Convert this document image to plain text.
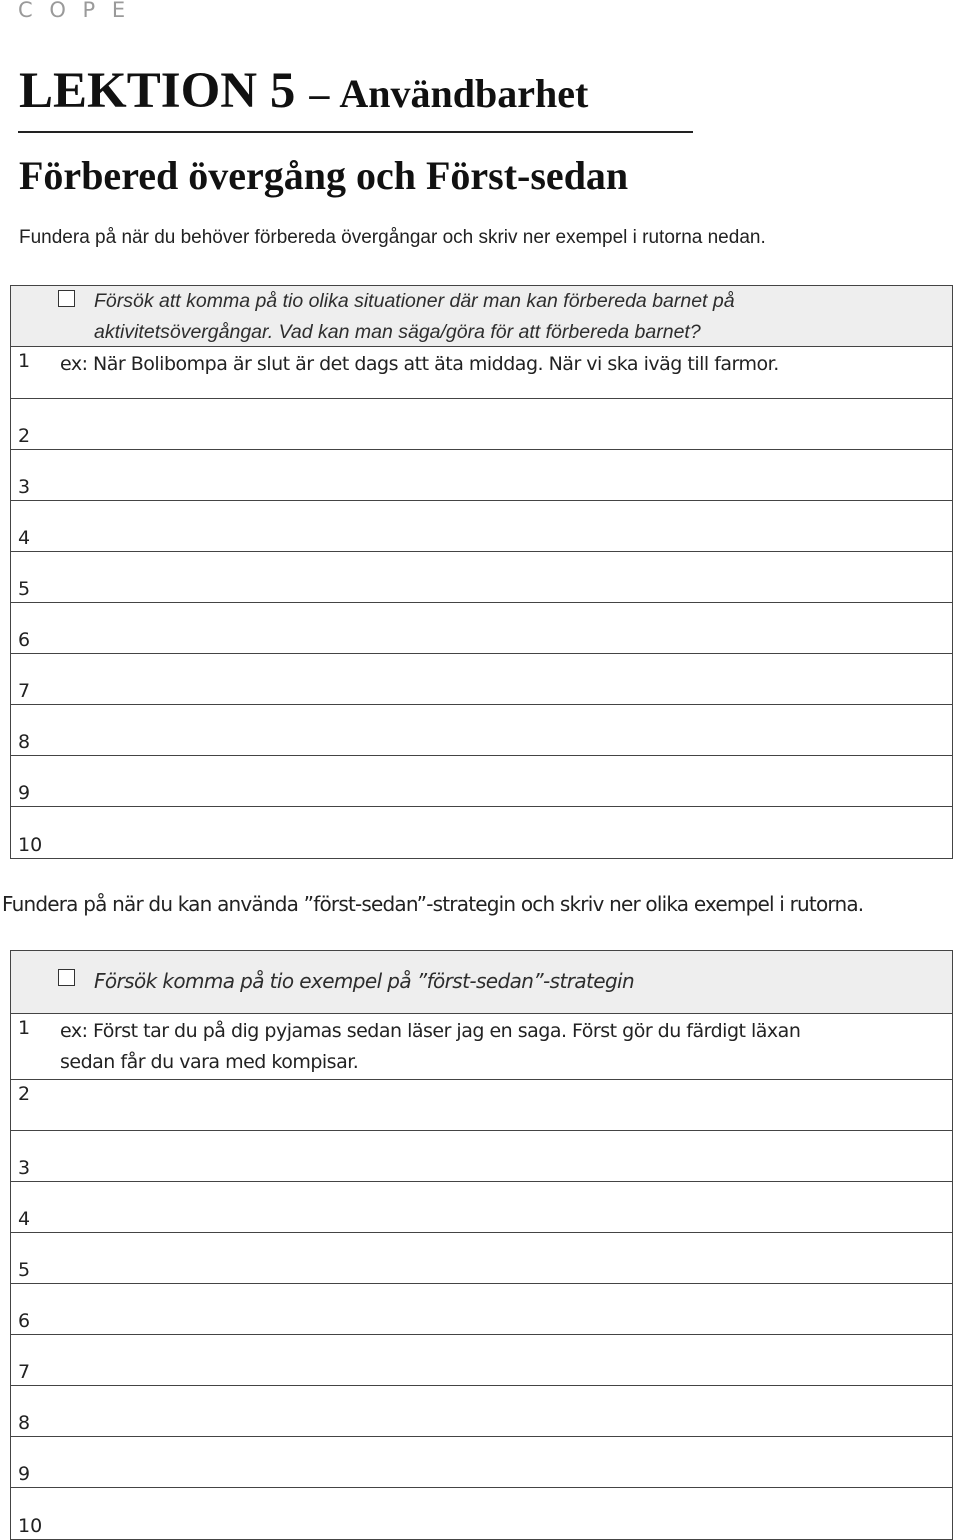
C O P E
LEKTION 5 – Användbarhet
Förbered övergång och Först-sedan
Fundera på när du behöver förbereda övergångar och skriv ner exempel i rutorna nedan.
Försök att komma på tio olika situationer där man kan förbereda barnet på
aktivitetsövergångar. Vad kan man säga/göra för att förbereda barnet?
1 ex: När Bolibompa är slut är det dags att äta middag. När vi ska iväg till farmor.
2
3
4
5
6
7
8
9
10
Fundera på när du kan använda ”först-sedan”-strategin och skriv ner olika exempel i rutorna.
Försök komma på tio exempel på ”först-sedan”-strategin
1 ex: Först tar du på dig pyjamas sedan läser jag en saga. Först gör du färdigt läxan
sedan får du vara med kompisar.
2
3
4
5
6
7
8
9
10
